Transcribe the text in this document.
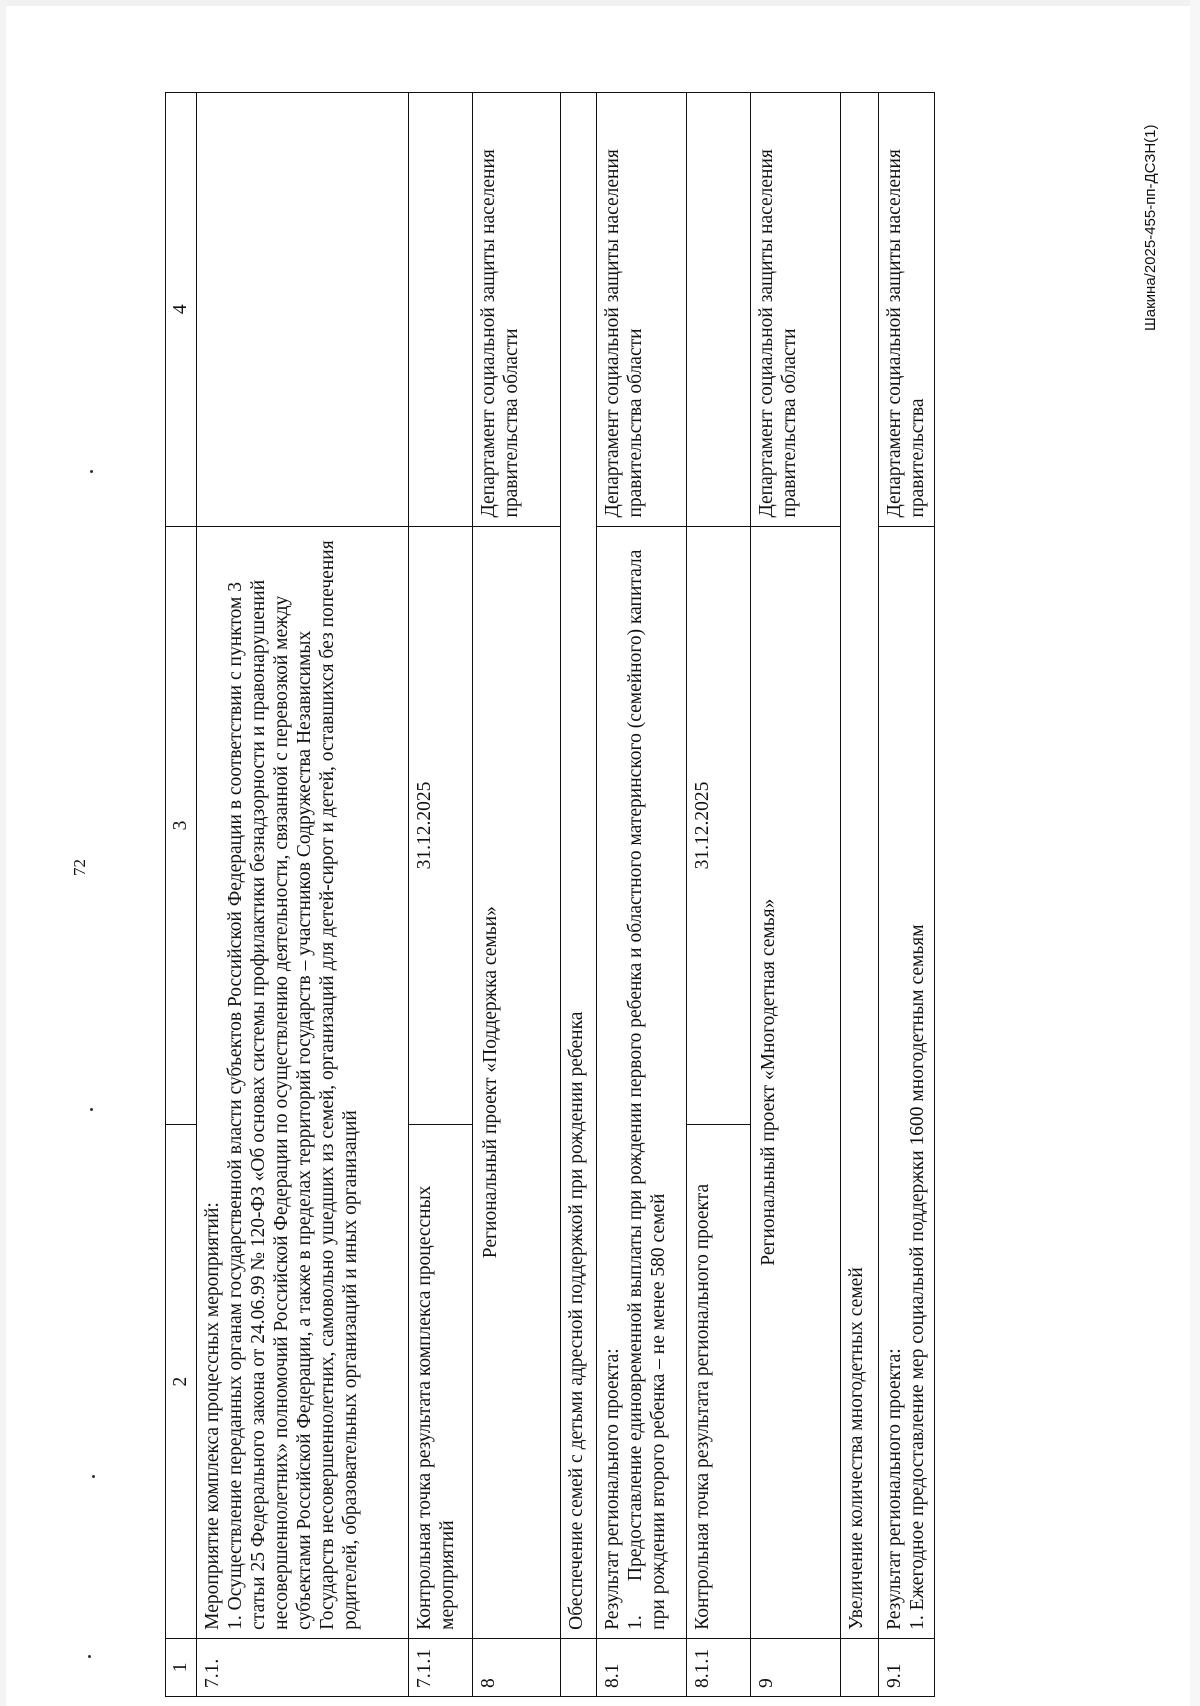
72
1	2	3	4
7.1.	Мероприятие комплекса процессных мероприятий: 1. Осуществление переданных органам государственной власти субъектов Российской Федерации в соответствии с пунктом 3 статьи 25 Федерального закона от 24.06.99 № 120-ФЗ «Об основах системы профилактики безнадзорности и правонарушений несовершеннолетних» полномочий Российской Федерации по осуществлению деятельности, связанной с перевозкой между субъектами Российской Федерации, а также в пределах территорий государств – участников Содружества Независимых Государств несовершеннолетних, самовольно ушедших из семей, организаций для детей-сирот и детей, оставшихся без попечения родителей, образовательных организаций и иных организаций		

7.1.1	Контрольная точка результата комплекса процессных мероприятий	31.12.2025	
8	Региональный проект «Поддержка семьи»		Департамент социальной защиты населения правительства области
	Обеспечение семей с детьми адресной поддержкой при рождении ребенка		
8.1	Результат регионального проекта: 1.       Предоставление единовременной выплаты при рождении первого ребенка и областного материнского (семейного) капитала при рождении второго ребенка – не менее 580 семей		Департамент социальной защиты населения правительства области
8.1.1	Контрольная точка результата регионального проекта	31.12.2025	
9	Региональный проект «Многодетная семья»		Департамент социальной защиты населения правительства области
	Увеличение количества многодетных семей		
9.1	Результат регионального проекта: 1. Ежегодное предоставление мер социальной поддержки 1600 многодетным семьям		Департамент социальной защиты населения правительства
Шакина/2025-455-пп-ДСЗН(1)
